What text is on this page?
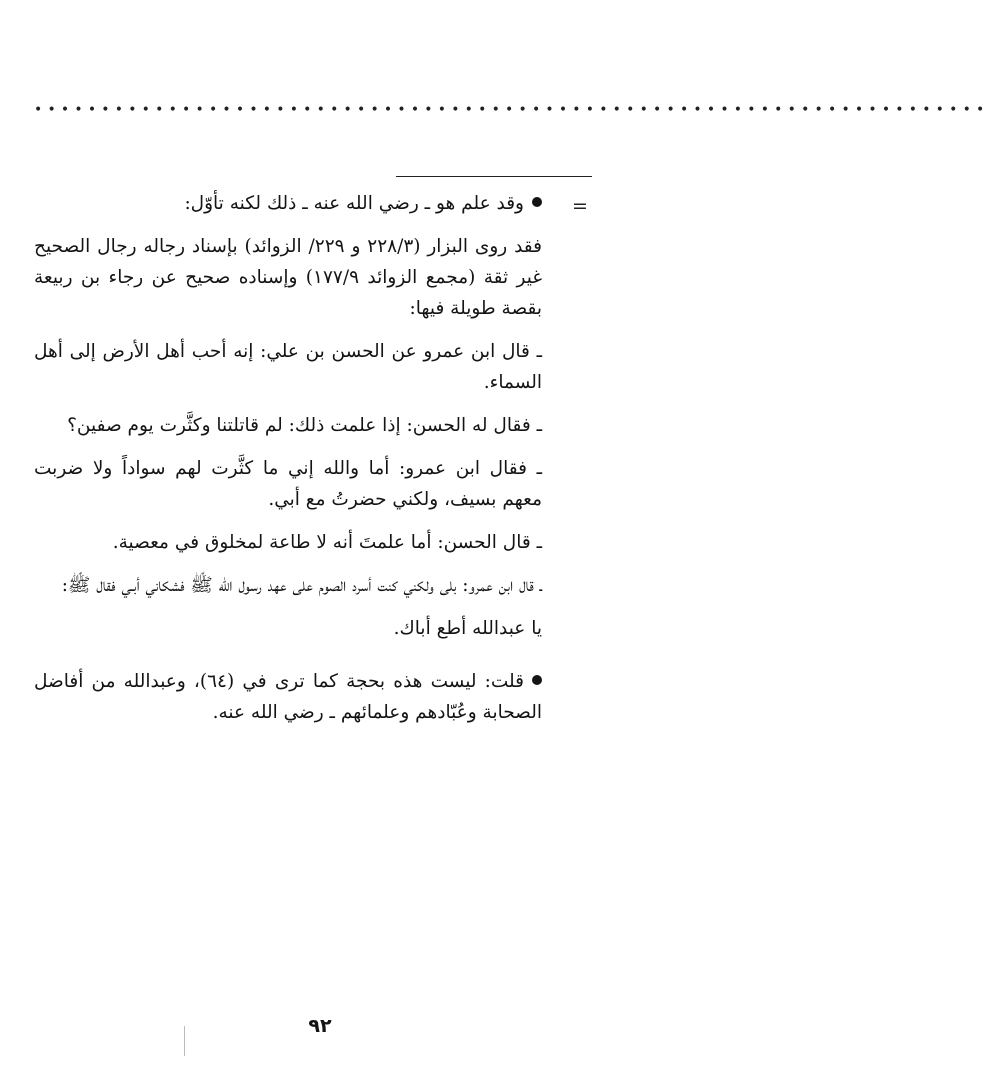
•••••••••••••••••••••••••••••••••••••••••••••••••••••••••••••••••••••••
=

وقد علم هو ـ رضي الله عنه ـ ذلك لكنه تأوّل:

فقد روى البزار (٢٢٨/٣ و ٢٢٩/ الزوائد) بإسناد رجاله رجال الصحيح غير ثقة (مجمع الزوائد ١٧٧/٩) وإسناده صحيح عن رجاء بن ربيعة بقصة طويلة فيها:

ـ قال ابن عمرو عن الحسن بن علي: إنه أحب أهل الأرض إلى أهل السماء.

ـ فقال له الحسن: إذا علمت ذلك: لم قاتلتنا وكثَّرت يوم صفين؟

ـ فقال ابن عمرو: أما والله إني ما كثَّرت لهم سواداً ولا ضربت معهم بسيف، ولكني حضرتُ مع أبي.

ـ قال الحسن: أما علمتَ أنه لا طاعة لمخلوق في معصية.

ـ قال ابن عمرو: بلى ولكني كنت أسرد الصوم على عهد رسول الله ﷺ فشكاني أبـي فقال ﷺ:

يا عبدالله أطع أباك.

قلت: ليست هذه بحجة كما ترى في (٦٤)، وعبدالله من أفاضل الصحابة وعُبّادهم وعلمائهم ـ رضي الله عنه.

٩٢
